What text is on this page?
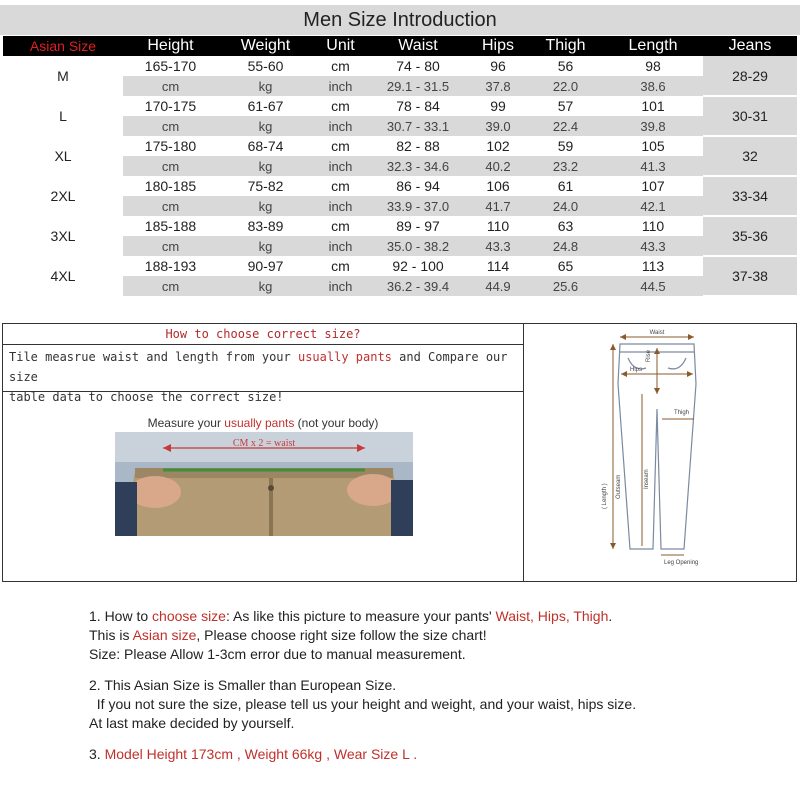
Men Size Introduction
Asian Size	Height	Weight	Unit	Waist	Hips	Thigh	Length	Jeans
M	165-170	55-60	cm	74 - 80	96	56	98	28-29
	cm	kg	inch	29.1 - 31.5	37.8	22.0	38.6	
L	170-175	61-67	cm	78 - 84	99	57	101	30-31
	cm	kg	inch	30.7 - 33.1	39.0	22.4	39.8	
XL	175-180	68-74	cm	82 - 88	102	59	105	32
	cm	kg	inch	32.3 - 34.6	40.2	23.2	41.3	
2XL	180-185	75-82	cm	86 - 94	106	61	107	33-34
	cm	kg	inch	33.9 - 37.0	41.7	24.0	42.1	
3XL	185-188	83-89	cm	89 - 97	110	63	110	35-36
	cm	kg	inch	35.0 - 38.2	43.3	24.8	43.3	
4XL	188-193	90-97	cm	92 - 100	114	65	113	37-38
	cm	kg	inch	36.2 - 39.4	44.9	25.6	44.5	
How to choose correct size?
Tile measrue waist and length from your usually pants and Compare our size
table data to choose the correct size!
Measure your usually pants (not your body)
CM x 2 = waist
Waist
Rise
Hips
Thigh
( Length ) Outseam	Inseam
Leg Opening

1. How to choose size: As like this picture to measure your pants' Waist, Hips, Thigh.
This is Asian size, Please choose right size follow the size chart!
Size: Please Allow 1-3cm error due to manual measurement.

2. This Asian Size is Smaller than European Size.
If you not sure the size, please tell us your height and weight, and your waist, hips size.
At last make decided by yourself.

3. Model Height 173cm , Weight 66kg , Wear Size L .
